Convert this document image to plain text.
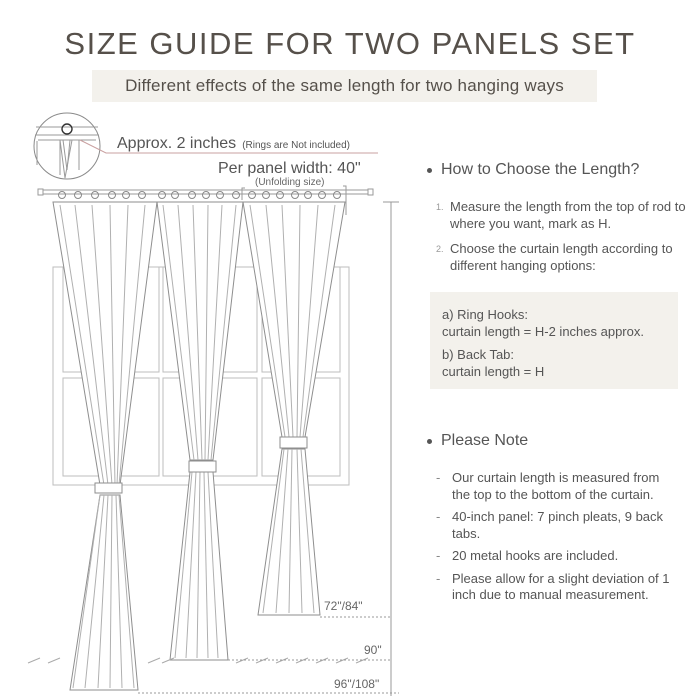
SIZE GUIDE FOR TWO PANELS SET
Different effects of the same length for two hanging ways
Approx. 2 inches (Rings are Not included)
Per panel width: 40"
(Unfolding size)
72"/84"
90"
96"/108"
How to Choose the Length?
1. Measure the length from the top of rod to where you want, mark as H.
2. Choose the curtain length according to different hanging options:
a) Ring Hooks:
curtain length = H-2 inches approx.
b) Back Tab:
curtain length = H
Please Note
- Our curtain length is measured from the top to the bottom of the curtain.
- 40-inch panel: 7 pinch pleats, 9 back tabs.
- 20 metal hooks are included.
- Please allow for a slight deviation of 1 inch due to manual measurement.
